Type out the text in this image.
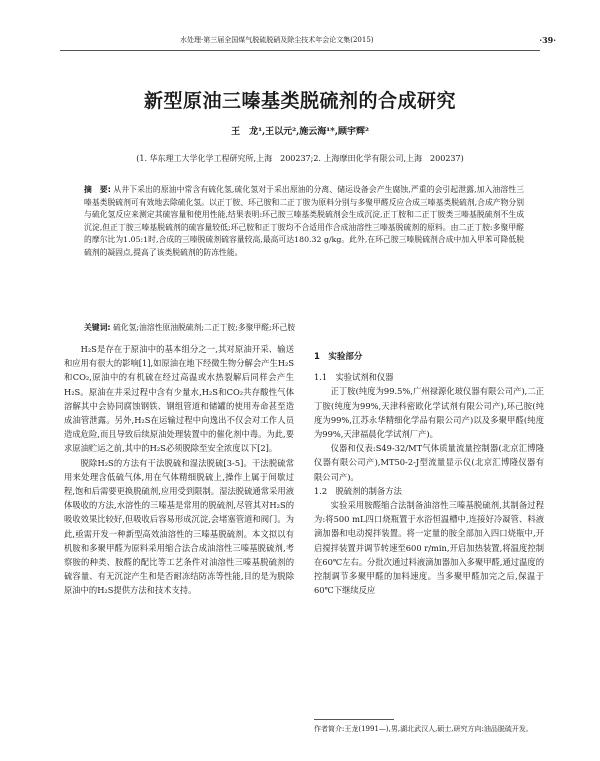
水处理·第三届全国煤气脱硫脱硝及除尘技术年会论文集(2015)	·39·
新型原油三嗪基类脱硫剂的合成研究
王　龙¹,王以元²,施云海¹*,顾宇辉²
(1. 华东理工大学化学工程研究所,上海　200237;2. 上海摩田化学有限公司,上海　200237)
摘　要: 从井下采出的原油中常含有硫化氢,硫化氢对于采出原油的分离、储运设备会产生腐蚀,严重的会引起泄露,加入油溶性三嗪基类脱硫剂可有效地去除硫化氢。以正丁胺、环己胺和二正丁胺为原料分别与多聚甲醛反应合成三嗪基类脱硫剂,合成产物分别与硫化氢反应来测定其硫容量和使用性能,结果表明:环己胺三嗪基类脱硫剂会生成沉淀,正丁胺和二正丁胺类三嗪基脱硫剂不生成沉淀,但正丁胺三嗪基脱硫剂的硫容量较低;环己胺和正丁胺均不合适用作合成油溶性三嗪基脱硫剂的原料。由二正丁胺:多聚甲醛的摩尔比为1.05:1时,合成的三嗪脱硫剂硫容量较高,最高可达180.32 g/kg。此外,在环己胺三嗪脱硫剂合成中加入甲苯可降低脱硫剂的凝固点,提高了该类脱硫剂的防冻性能。
关键词: 硫化氢;油溶性原油脱硫剂;二正丁胺;多聚甲醛;环己胺

H₂S是存在于原油中的基本组分之一,其对原油开采、输送和应用有很大的影响[1],如原油在地下经微生物分解会产生H₂S和CO₂,原油中的有机硫在经过高温或水热裂解后同样会产生H₂S。原油在井采过程中含有少量水,H₂S和CO₂共存酸性气体溶解其中会协同腐蚀钢铁、钢组管道和储罐的使用寿命甚至造成油管泄露。另外,H₂S在运输过程中向逸出不仅会对工作人员造成危险,而且导致后续原油处理装置中的催化剂中毒。为此,要求原油贮运之前,其中的H₂S必须脱除至安全浓度以下[2]。

脱除H₂S的方法有干法脱硫和湿法脱硫[3-5]。干法脱硫常用来处理含低硫气体,用在气体精细脱硫上,操作上属于间歇过程,饱和后需要更换脱硫剂,应用受到限制。湿法脱硫通常采用液体吸收的方法,水溶性的三嗪基是常用的脱硫剂,尽管其对H₂S的吸收效果比较好,但吸收后容易形成沉淀,会堵塞管道和阀门。为此,亟需开发一种新型高效油溶性的三嗪基脱硫剂。本文拟以有机胺和多聚甲醛为原料采用缩合法合成油溶性三嗪基脱硫剂,考察胺的种类、胺醛的配比等工艺条件对油溶性三嗪基脱硫剂的硫容量、有无沉淀产生和是否耐冻结防冻等性能,目的是为脱除原油中的H₂S提供方法和技术支持。

1　实验部分
1.1　实验试剂和仪器

正丁胺(纯度为99.5%,广州禄源化玻仪器有限公司产),二正丁胺(纯度为99%,天津科密欧化学试剂有限公司产),环己胺(纯度为99%,江苏永华精细化学品有限公司产)以及多聚甲醛(纯度为99%,天津福晨化学试剂厂产)。

仪器和仪表:S49-32/MT气体质量流量控制器(北京汇博隆仪器有限公司产),MT50-2-J型流量显示仪(北京汇博隆仪器有限公司产)。

1.2　脱硫剂的制备方法

实验采用胺醛缩合法制备油溶性三嗪基脱硫剂,其制备过程为:将500 mL四口烧瓶置于水浴恒温槽中,连接好冷凝管、料液滴加器和电动搅拌装置。将一定量的胺全部加入四口烧瓶中,开启搅拌装置并调节转速至600 r/min,开启加热装置,将温度控制在60℃左右。分批次通过料液滴加器加入多聚甲醛,通过温度的控制调节多聚甲醛的加料速度。当多聚甲醛加完之后,保温于60℃下继续反应

作者简介:王龙(1991—),男,湖北武汉人,硕士,研究方向:油品脱硫开发。
